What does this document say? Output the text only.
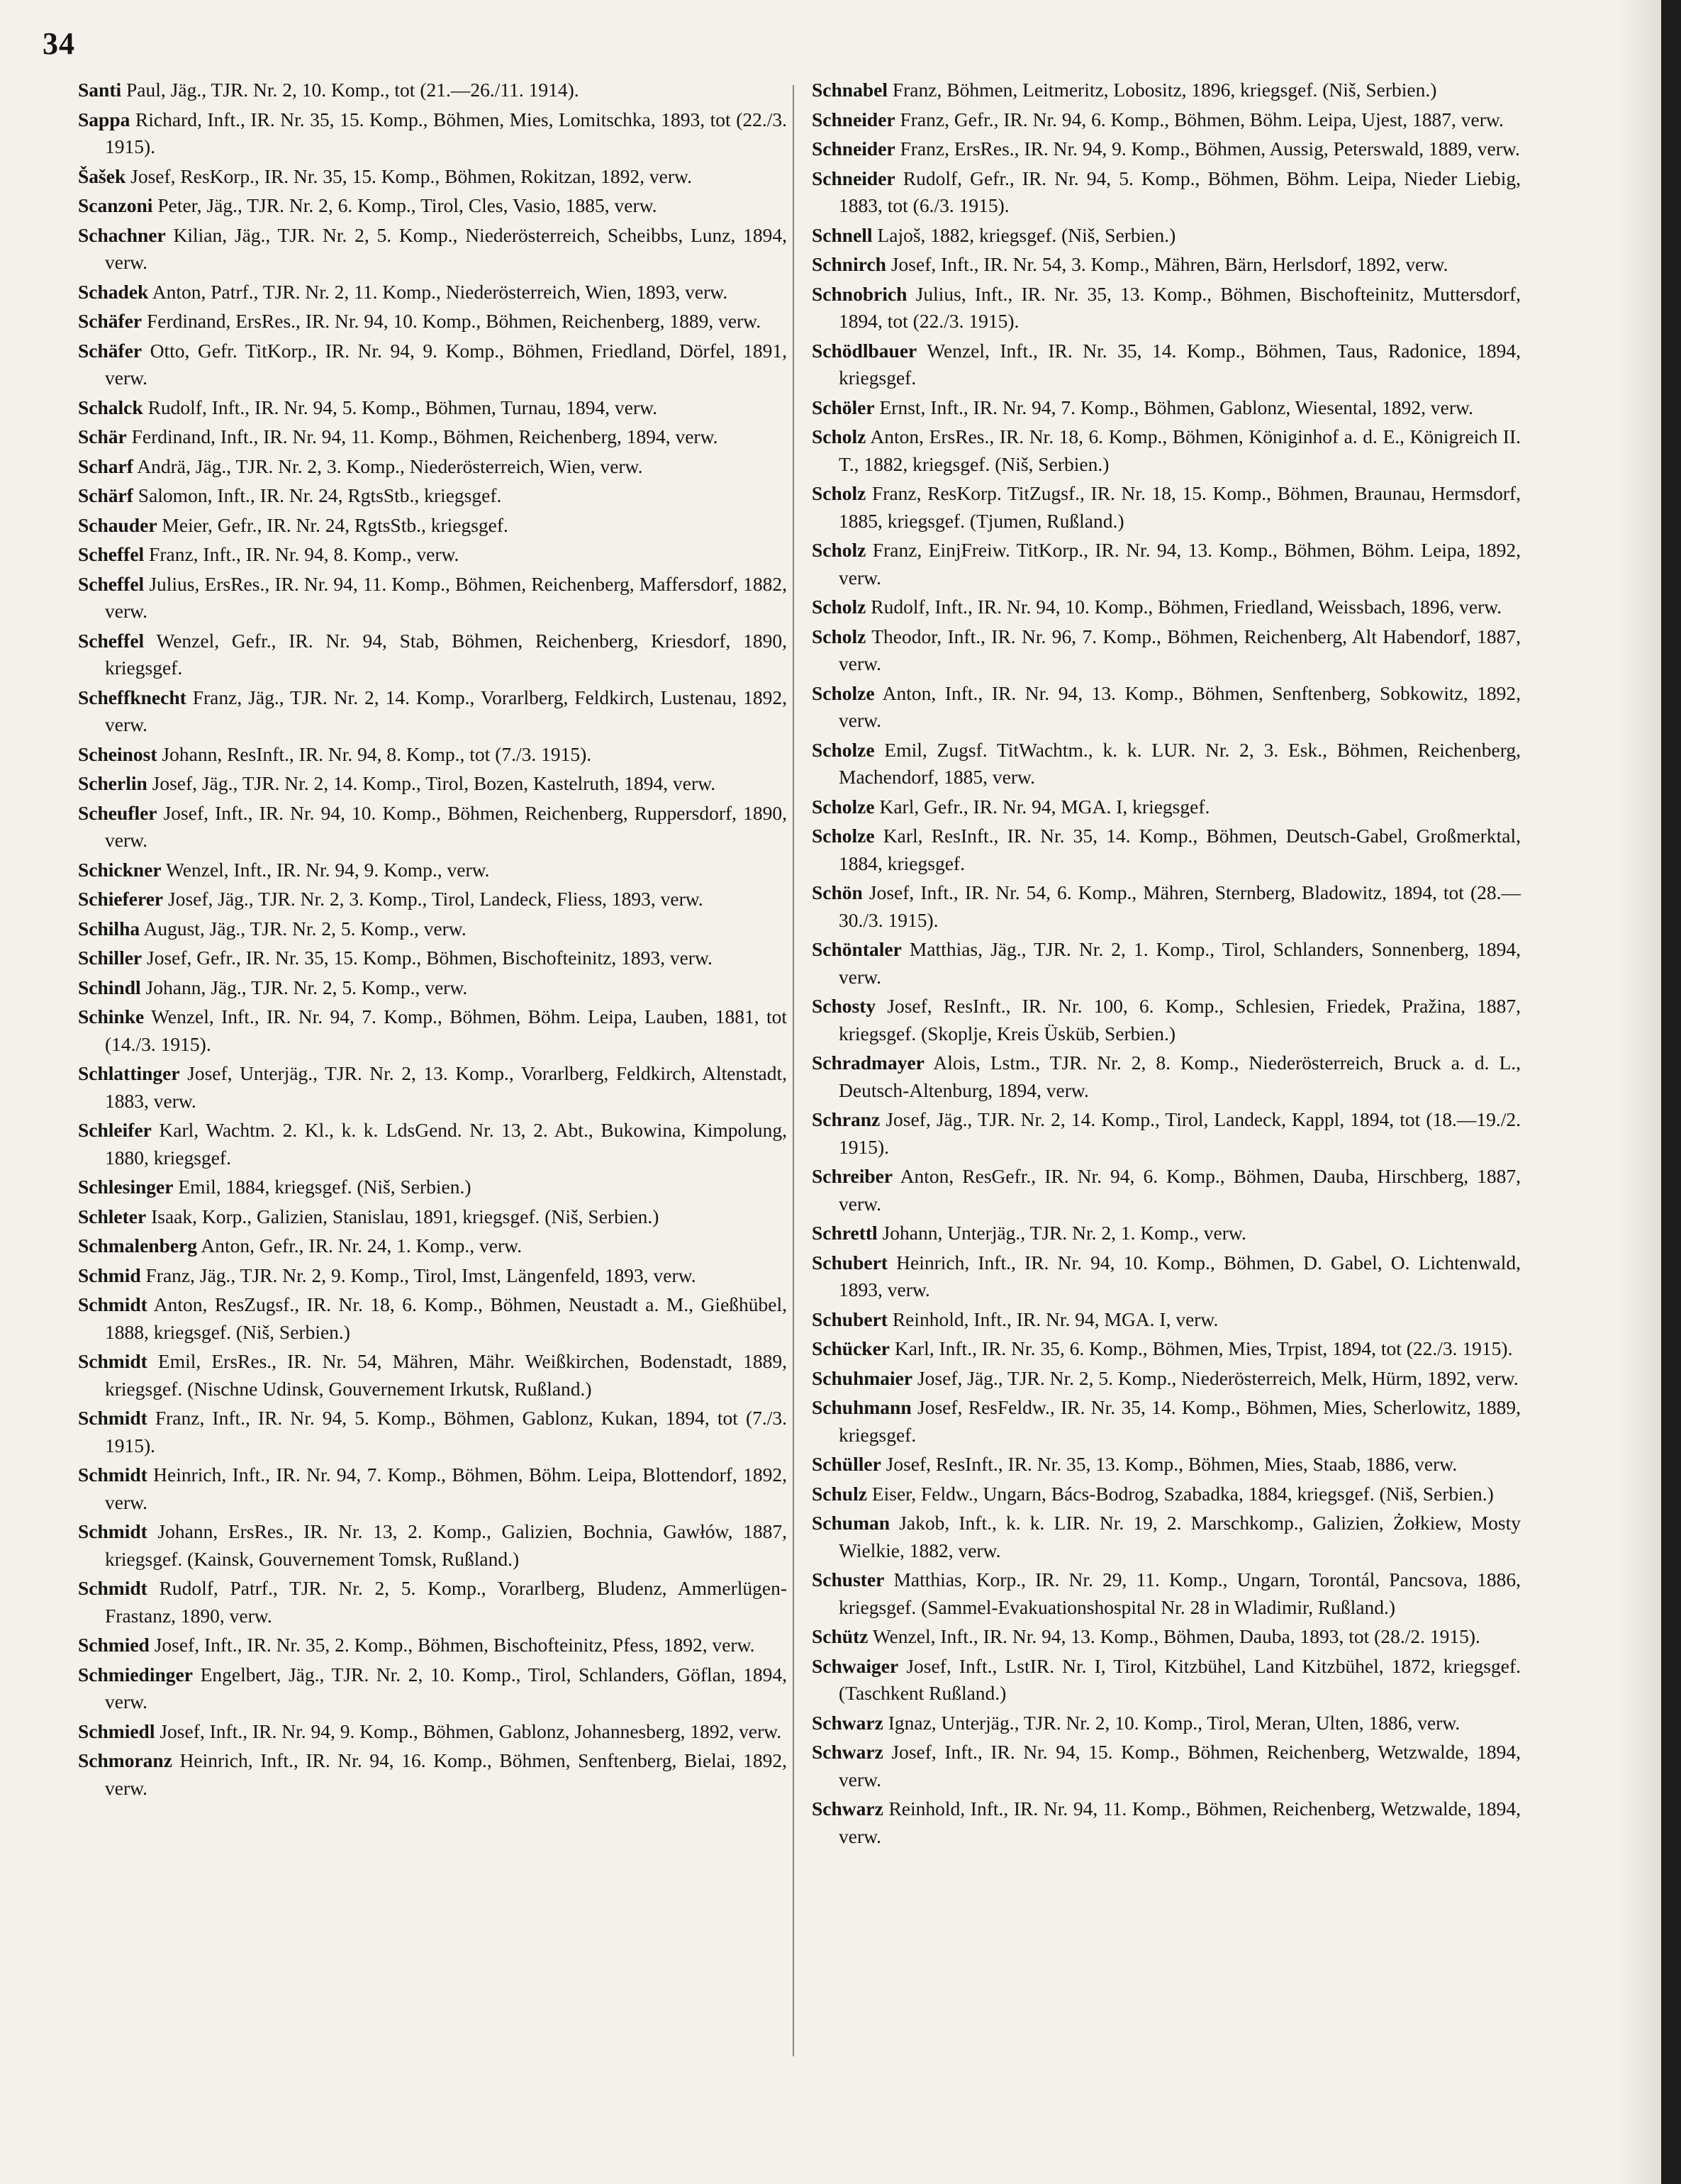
34

Santi Paul, Jäg., TJR. Nr. 2, 10. Komp., tot (21.—26./11. 1914).

Sappa Richard, Inft., IR. Nr. 35, 15. Komp., Böhmen, Mies, Lomitschka, 1893, tot (22./3. 1915).

Šašek Josef, ResKorp., IR. Nr. 35, 15. Komp., Böhmen, Rokitzan, 1892, verw.

Scanzoni Peter, Jäg., TJR. Nr. 2, 6. Komp., Tirol, Cles, Vasio, 1885, verw.

Schachner Kilian, Jäg., TJR. Nr. 2, 5. Komp., Niederösterreich, Scheibbs, Lunz, 1894, verw.

Schadek Anton, Patrf., TJR. Nr. 2, 11. Komp., Niederösterreich, Wien, 1893, verw.

Schäfer Ferdinand, ErsRes., IR. Nr. 94, 10. Komp., Böhmen, Reichenberg, 1889, verw.

Schäfer Otto, Gefr. TitKorp., IR. Nr. 94, 9. Komp., Böhmen, Friedland, Dörfel, 1891, verw.

Schalck Rudolf, Inft., IR. Nr. 94, 5. Komp., Böhmen, Turnau, 1894, verw.

Schär Ferdinand, Inft., IR. Nr. 94, 11. Komp., Böhmen, Reichenberg, 1894, verw.

Scharf Andrä, Jäg., TJR. Nr. 2, 3. Komp., Niederösterreich, Wien, verw.

Schärf Salomon, Inft., IR. Nr. 24, RgtsStb., kriegsgef.

Schauder Meier, Gefr., IR. Nr. 24, RgtsStb., kriegsgef.

Scheffel Franz, Inft., IR. Nr. 94, 8. Komp., verw.

Scheffel Julius, ErsRes., IR. Nr. 94, 11. Komp., Böhmen, Reichenberg, Maffersdorf, 1882, verw.

Scheffel Wenzel, Gefr., IR. Nr. 94, Stab, Böhmen, Reichenberg, Kriesdorf, 1890, kriegsgef.

Scheffknecht Franz, Jäg., TJR. Nr. 2, 14. Komp., Vorarlberg, Feldkirch, Lustenau, 1892, verw.

Scheinost Johann, ResInft., IR. Nr. 94, 8. Komp., tot (7./3. 1915).

Scherlin Josef, Jäg., TJR. Nr. 2, 14. Komp., Tirol, Bozen, Kastelruth, 1894, verw.

Scheufler Josef, Inft., IR. Nr. 94, 10. Komp., Böhmen, Reichenberg, Ruppersdorf, 1890, verw.

Schickner Wenzel, Inft., IR. Nr. 94, 9. Komp., verw.

Schieferer Josef, Jäg., TJR. Nr. 2, 3. Komp., Tirol, Landeck, Fliess, 1893, verw.

Schilha August, Jäg., TJR. Nr. 2, 5. Komp., verw.

Schiller Josef, Gefr., IR. Nr. 35, 15. Komp., Böhmen, Bischofteinitz, 1893, verw.

Schindl Johann, Jäg., TJR. Nr. 2, 5. Komp., verw.

Schinke Wenzel, Inft., IR. Nr. 94, 7. Komp., Böhmen, Böhm. Leipa, Lauben, 1881, tot (14./3. 1915).

Schlattinger Josef, Unterjäg., TJR. Nr. 2, 13. Komp., Vorarlberg, Feldkirch, Altenstadt, 1883, verw.

Schleifer Karl, Wachtm. 2. Kl., k. k. LdsGend. Nr. 13, 2. Abt., Bukowina, Kimpolung, 1880, kriegsgef.

Schlesinger Emil, 1884, kriegsgef. (Niš, Serbien.)

Schleter Isaak, Korp., Galizien, Stanislau, 1891, kriegsgef. (Niš, Serbien.)

Schmalenberg Anton, Gefr., IR. Nr. 24, 1. Komp., verw.

Schmid Franz, Jäg., TJR. Nr. 2, 9. Komp., Tirol, Imst, Längenfeld, 1893, verw.

Schmidt Anton, ResZugsf., IR. Nr. 18, 6. Komp., Böhmen, Neustadt a. M., Gießhübel, 1888, kriegsgef. (Niš, Serbien.)

Schmidt Emil, ErsRes., IR. Nr. 54, Mähren, Mähr. Weißkirchen, Bodenstadt, 1889, kriegsgef. (Nischne Udinsk, Gouvernement Irkutsk, Rußland.)

Schmidt Franz, Inft., IR. Nr. 94, 5. Komp., Böhmen, Gablonz, Kukan, 1894, tot (7./3. 1915).

Schmidt Heinrich, Inft., IR. Nr. 94, 7. Komp., Böhmen, Böhm. Leipa, Blottendorf, 1892, verw.

Schmidt Johann, ErsRes., IR. Nr. 13, 2. Komp., Galizien, Bochnia, Gawłów, 1887, kriegsgef. (Kainsk, Gouvernement Tomsk, Rußland.)

Schmidt Rudolf, Patrf., TJR. Nr. 2, 5. Komp., Vorarlberg, Bludenz, Ammerlügen-Frastanz, 1890, verw.

Schmied Josef, Inft., IR. Nr. 35, 2. Komp., Böhmen, Bischofteinitz, Pfess, 1892, verw.

Schmiedinger Engelbert, Jäg., TJR. Nr. 2, 10. Komp., Tirol, Schlanders, Göflan, 1894, verw.

Schmiedl Josef, Inft., IR. Nr. 94, 9. Komp., Böhmen, Gablonz, Johannesberg, 1892, verw.

Schmoranz Heinrich, Inft., IR. Nr. 94, 16. Komp., Böhmen, Senftenberg, Bielai, 1892, verw.

Schnabel Franz, Böhmen, Leitmeritz, Lobositz, 1896, kriegsgef. (Niš, Serbien.)

Schneider Franz, Gefr., IR. Nr. 94, 6. Komp., Böhmen, Böhm. Leipa, Ujest, 1887, verw.

Schneider Franz, ErsRes., IR. Nr. 94, 9. Komp., Böhmen, Aussig, Peterswald, 1889, verw.

Schneider Rudolf, Gefr., IR. Nr. 94, 5. Komp., Böhmen, Böhm. Leipa, Nieder Liebig, 1883, tot (6./3. 1915).

Schnell Lajoš, 1882, kriegsgef. (Niš, Serbien.)

Schnirch Josef, Inft., IR. Nr. 54, 3. Komp., Mähren, Bärn, Herlsdorf, 1892, verw.

Schnobrich Julius, Inft., IR. Nr. 35, 13. Komp., Böhmen, Bischofteinitz, Muttersdorf, 1894, tot (22./3. 1915).

Schödlbauer Wenzel, Inft., IR. Nr. 35, 14. Komp., Böhmen, Taus, Radonice, 1894, kriegsgef.

Schöler Ernst, Inft., IR. Nr. 94, 7. Komp., Böhmen, Gablonz, Wiesental, 1892, verw.

Scholz Anton, ErsRes., IR. Nr. 18, 6. Komp., Böhmen, Königinhof a. d. E., Königreich II. T., 1882, kriegsgef. (Niš, Serbien.)

Scholz Franz, ResKorp. TitZugsf., IR. Nr. 18, 15. Komp., Böhmen, Braunau, Hermsdorf, 1885, kriegsgef. (Tjumen, Rußland.)

Scholz Franz, EinjFreiw. TitKorp., IR. Nr. 94, 13. Komp., Böhmen, Böhm. Leipa, 1892, verw.

Scholz Rudolf, Inft., IR. Nr. 94, 10. Komp., Böhmen, Friedland, Weissbach, 1896, verw.

Scholz Theodor, Inft., IR. Nr. 96, 7. Komp., Böhmen, Reichenberg, Alt Habendorf, 1887, verw.

Scholze Anton, Inft., IR. Nr. 94, 13. Komp., Böhmen, Senftenberg, Sobkowitz, 1892, verw.

Scholze Emil, Zugsf. TitWachtm., k. k. LUR. Nr. 2, 3. Esk., Böhmen, Reichenberg, Machendorf, 1885, verw.

Scholze Karl, Gefr., IR. Nr. 94, MGA. I, kriegsgef.

Scholze Karl, ResInft., IR. Nr. 35, 14. Komp., Böhmen, Deutsch-Gabel, Großmerktal, 1884, kriegsgef.

Schön Josef, Inft., IR. Nr. 54, 6. Komp., Mähren, Sternberg, Bladowitz, 1894, tot (28.—30./3. 1915).

Schöntaler Matthias, Jäg., TJR. Nr. 2, 1. Komp., Tirol, Schlanders, Sonnenberg, 1894, verw.

Schosty Josef, ResInft., IR. Nr. 100, 6. Komp., Schlesien, Friedek, Pražina, 1887, kriegsgef. (Skoplje, Kreis Üsküb, Serbien.)

Schradmayer Alois, Lstm., TJR. Nr. 2, 8. Komp., Niederösterreich, Bruck a. d. L., Deutsch-Altenburg, 1894, verw.

Schranz Josef, Jäg., TJR. Nr. 2, 14. Komp., Tirol, Landeck, Kappl, 1894, tot (18.—19./2. 1915).

Schreiber Anton, ResGefr., IR. Nr. 94, 6. Komp., Böhmen, Dauba, Hirschberg, 1887, verw.

Schrettl Johann, Unterjäg., TJR. Nr. 2, 1. Komp., verw.

Schubert Heinrich, Inft., IR. Nr. 94, 10. Komp., Böhmen, D. Gabel, O. Lichtenwald, 1893, verw.

Schubert Reinhold, Inft., IR. Nr. 94, MGA. I, verw.

Schücker Karl, Inft., IR. Nr. 35, 6. Komp., Böhmen, Mies, Trpist, 1894, tot (22./3. 1915).

Schuhmaier Josef, Jäg., TJR. Nr. 2, 5. Komp., Niederösterreich, Melk, Hürm, 1892, verw.

Schuhmann Josef, ResFeldw., IR. Nr. 35, 14. Komp., Böhmen, Mies, Scherlowitz, 1889, kriegsgef.

Schüller Josef, ResInft., IR. Nr. 35, 13. Komp., Böhmen, Mies, Staab, 1886, verw.

Schulz Eiser, Feldw., Ungarn, Bács-Bodrog, Szabadka, 1884, kriegsgef. (Niš, Serbien.)

Schuman Jakob, Inft., k. k. LIR. Nr. 19, 2. Marschkomp., Galizien, Żołkiew, Mosty Wielkie, 1882, verw.

Schuster Matthias, Korp., IR. Nr. 29, 11. Komp., Ungarn, Torontál, Pancsova, 1886, kriegsgef. (Sammel-Evakuationshospital Nr. 28 in Wladimir, Rußland.)

Schütz Wenzel, Inft., IR. Nr. 94, 13. Komp., Böhmen, Dauba, 1893, tot (28./2. 1915).

Schwaiger Josef, Inft., LstIR. Nr. I, Tirol, Kitzbühel, Land Kitzbühel, 1872, kriegsgef. (Taschkent Rußland.)

Schwarz Ignaz, Unterjäg., TJR. Nr. 2, 10. Komp., Tirol, Meran, Ulten, 1886, verw.

Schwarz Josef, Inft., IR. Nr. 94, 15. Komp., Böhmen, Reichenberg, Wetzwalde, 1894, verw.

Schwarz Reinhold, Inft., IR. Nr. 94, 11. Komp., Böhmen, Reichenberg, Wetzwalde, 1894, verw.
